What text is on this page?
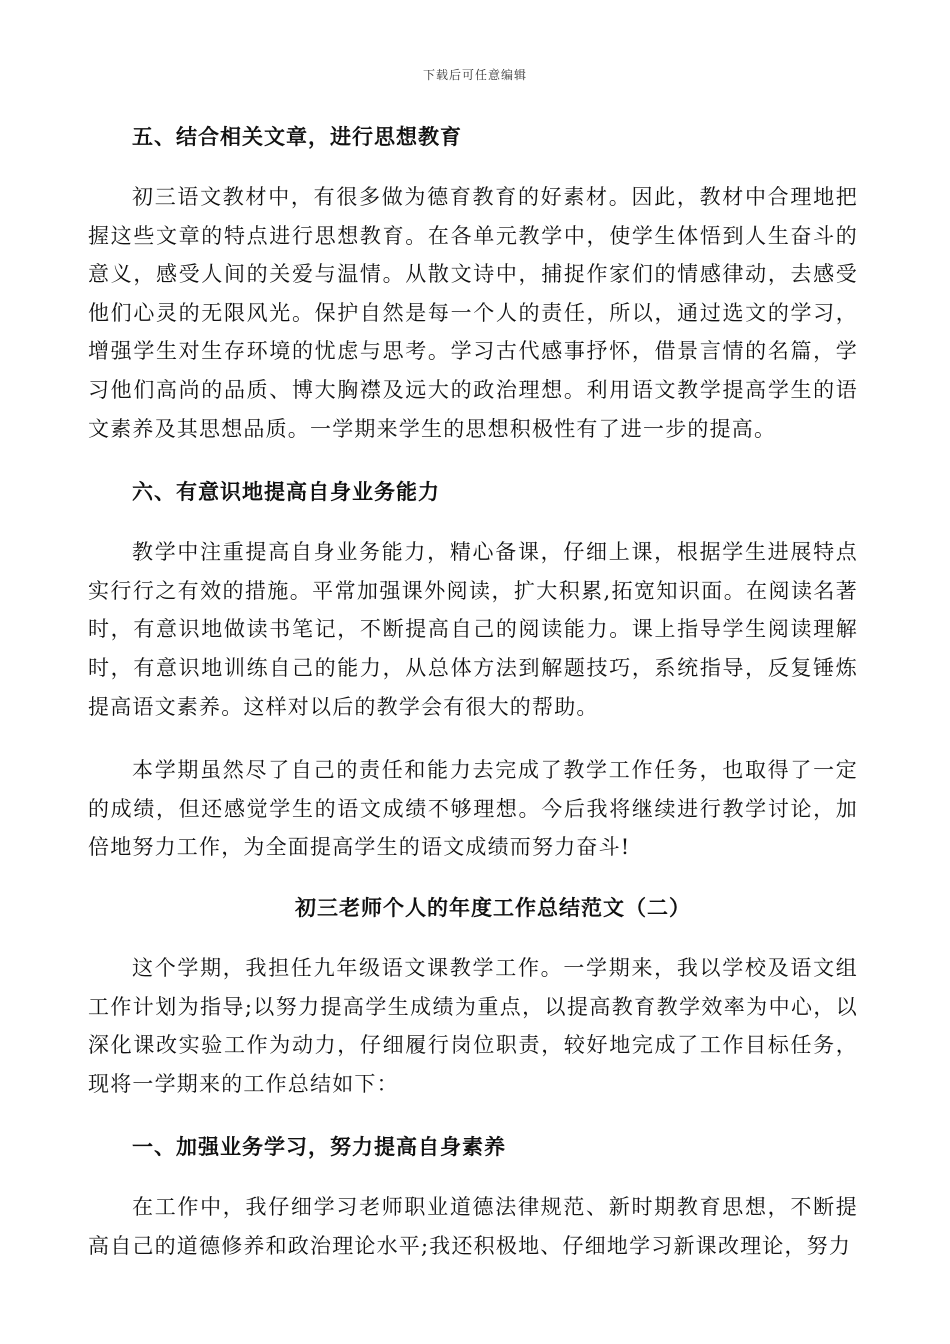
下载后可任意编辑

五、结合相关文章，进行思想教育

初三语文教材中，有很多做为德育教育的好素材。因此，教材中合理地把握这些文章的特点进行思想教育。在各单元教学中，使学生体悟到人生奋斗的意义，感受人间的关爱与温情。从散文诗中，捕捉作家们的情感律动，去感受他们心灵的无限风光。保护自然是每一个人的责任，所以，通过选文的学习，增强学生对生存环境的忧虑与思考。学习古代感事抒怀，借景言情的名篇，学习他们高尚的品质、博大胸襟及远大的政治理想。利用语文教学提高学生的语文素养及其思想品质。一学期来学生的思想积极性有了进一步的提高。

六、有意识地提高自身业务能力

教学中注重提高自身业务能力，精心备课，仔细上课，根据学生进展特点实行行之有效的措施。平常加强课外阅读，扩大积累,拓宽知识面。在阅读名著时，有意识地做读书笔记，不断提高自己的阅读能力。课上指导学生阅读理解时，有意识地训练自己的能力，从总体方法到解题技巧，系统指导，反复锤炼提高语文素养。这样对以后的教学会有很大的帮助。

本学期虽然尽了自己的责任和能力去完成了教学工作任务，也取得了一定的成绩，但还感觉学生的语文成绩不够理想。今后我将继续进行教学讨论，加倍地努力工作，为全面提高学生的语文成绩而努力奋斗!

初三老师个人的年度工作总结范文（二）

这个学期，我担任九年级语文课教学工作。一学期来，我以学校及语文组工作计划为指导;以努力提高学生成绩为重点，以提高教育教学效率为中心，以深化课改实验工作为动力，仔细履行岗位职责，较好地完成了工作目标任务，现将一学期来的工作总结如下：

一、加强业务学习，努力提高自身素养

在工作中，我仔细学习老师职业道德法律规范、新时期教育思想，不断提高自己的道德修养和政治理论水平;我还积极地、仔细地学习新课改理论，努力
